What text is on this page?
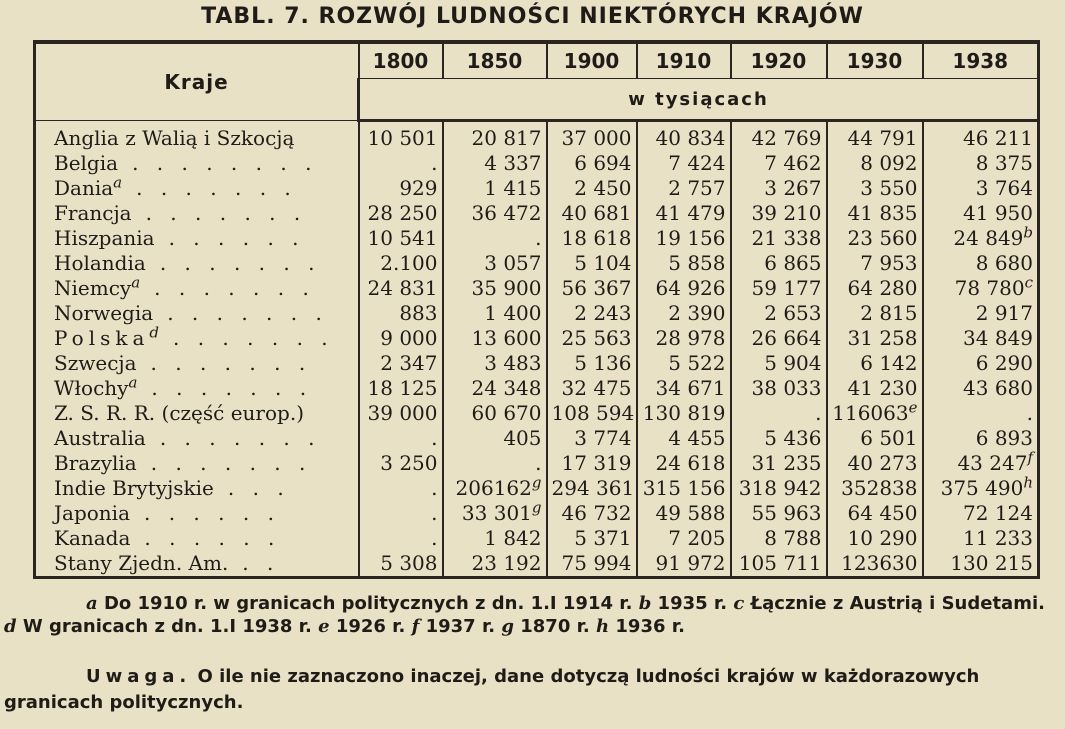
TABL. 7. ROZWÓJ LUDNOŚCI NIEKTÓRYCH KRAJÓW
Kraje	1800	1850	1900	1910	1920	1930	1938
	w tysiącach						
Anglia z Walią i Szkocją	10 501	20 817	37 000	40 834	42 769	44 791	46 211
Belgia . . . . . . . .	.	4 337	6 694	7 424	7 462	8 092	8 375
Dania$^a$ . . . . . . .	929	1 415	2 450	2 757	3 267	3 550	3 764
Francja . . . . . . .	28 250	36 472	40 681	41 479	39 210	41 835	41 950
Hiszpania . . . . . .	10 541	.	18 618	19 156	21 338	23 560	24 849$^b$
Holandia . . . . . . .	2.100	3 057	5 104	5 858	6 865	7 953	8 680
Niemcy$^a$ . . . . . . .	24 831	35 900	56 367	64 926	59 177	64 280	78 780$^c$
Norwegia . . . . . . .	883	1 400	2 243	2 390	2 653	2 815	2 917
Polska$^d$ . . . . . . .	9 000	13 600	25 563	28 978	26 664	31 258	34 849
Szwecja . . . . . . .	2 347	3 483	5 136	5 522	5 904	6 142	6 290
Włochy$^a$ . . . . . . .	18 125	24 348	32 475	34 671	38 033	41 230	43 680
Z. S. R. R. (część europ.)	39 000	60 670	108 594	130 819	.	116063e	.
Australia . . . . . . .	.	405	3 774	4 455	5 436	6 501	6 893
Brazylia . . . . . . .	3 250	.	17 319	24 618	31 235	40 273	43 247$^f$
Indie Brytyjskie . . .	.	206162$^g$	294 361	315 156	318 942	352838	375 490$^h$
Japonia . . . . . .	.	33 301$^g$	46 732	49 588	55 963	64 450	72 124
Kanada . . . . . .	.	1 842	5 371	7 205	8 788	10 290	11 233
Stany Zjedn. Am. . .	5 308	23 192	75 994	91 972	105 711	123630	130 215
a Do 1910 r. w granicach politycznych z dn. 1.I 1914 r. b 1935 r. c Łącznie z Austrią i Sudetami. d W granicach z dn. 1.I 1938 r. e 1926 r. f 1937 r. g 1870 r. h 1936 r.
Uwaga. O ile nie zaznaczono inaczej, dane dotyczą ludności krajów w każdorazowych granicach politycznych.
